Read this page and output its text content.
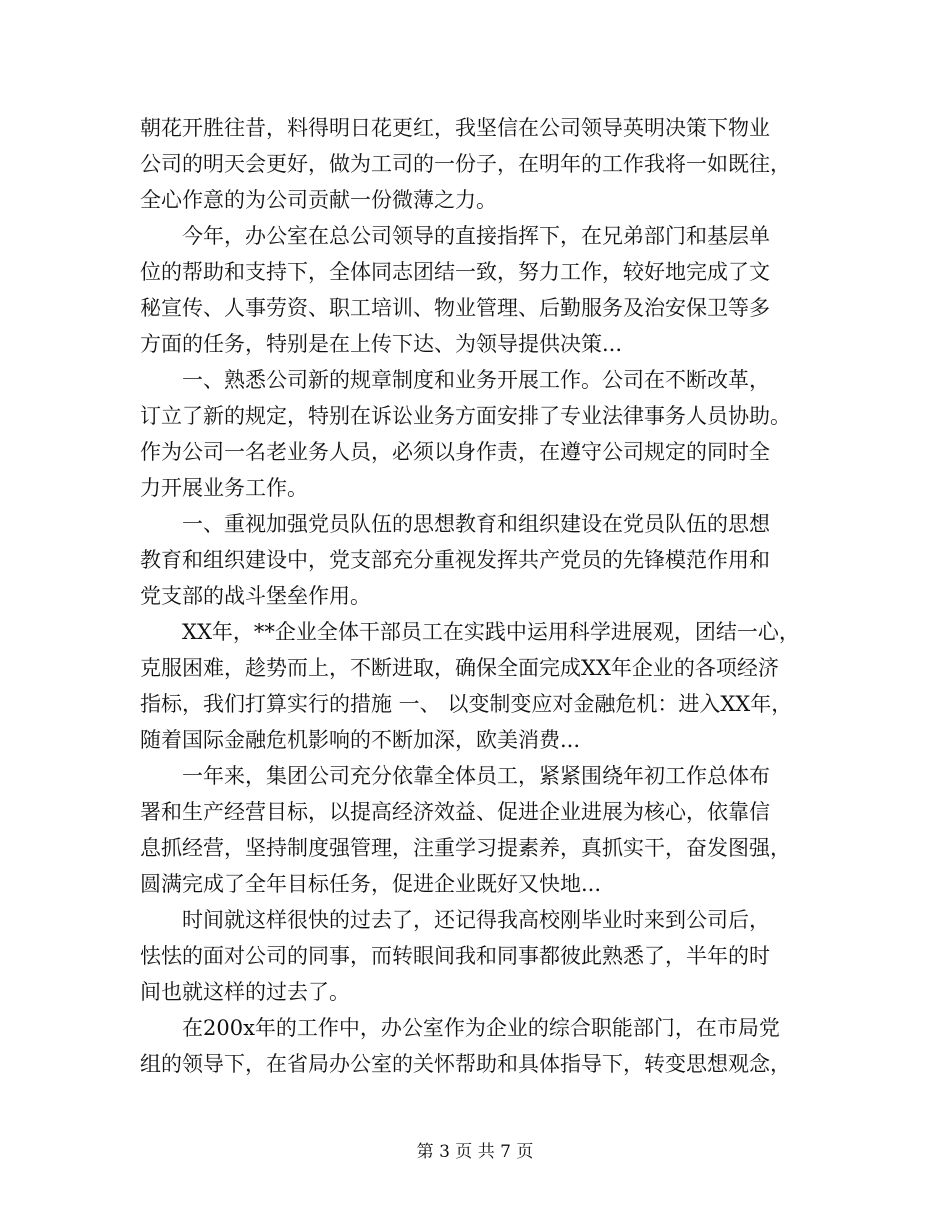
朝花开胜往昔，料得明日花更红，我坚信在公司领导英明决策下物业
公司的明天会更好，做为工司的一份子，在明年的工作我将一如既往，
全心作意的为公司贡献一份微薄之力。
　　今年，办公室在总公司领导的直接指挥下，在兄弟部门和基层单
位的帮助和支持下，全体同志团结一致，努力工作，较好地完成了文
秘宣传、人事劳资、职工培训、物业管理、后勤服务及治安保卫等多
方面的任务，特别是在上传下达、为领导提供决策...
　　一、熟悉公司新的规章制度和业务开展工作。公司在不断改革，
订立了新的规定，特别在诉讼业务方面安排了专业法律事务人员协助。
作为公司一名老业务人员，必须以身作责，在遵守公司规定的同时全
力开展业务工作。
　　一、重视加强党员队伍的思想教育和组织建设在党员队伍的思想
教育和组织建设中，党支部充分重视发挥共产党员的先锋模范作用和
党支部的战斗堡垒作用。
　　XX年，**企业全体干部员工在实践中运用科学进展观，团结一心，
克服困难，趁势而上，不断进取，确保全面完成XX年企业的各项经济
指标，我们打算实行的措施 一、 以变制变应对金融危机：进入XX年，
随着国际金融危机影响的不断加深，欧美消费...
　　一年来，集团公司充分依靠全体员工，紧紧围绕年初工作总体布
署和生产经营目标，以提高经济效益、促进企业进展为核心，依靠信
息抓经营，坚持制度强管理，注重学习提素养，真抓实干，奋发图强，
圆满完成了全年目标任务，促进企业既好又快地...
　　时间就这样很快的过去了，还记得我高校刚毕业时来到公司后，
怯怯的面对公司的同事，而转眼间我和同事都彼此熟悉了，半年的时
间也就这样的过去了。
　　在200x年的工作中，办公室作为企业的综合职能部门，在市局党
组的领导下，在省局办公室的关怀帮助和具体指导下，转变思想观念，
第 3 页 共 7 页
